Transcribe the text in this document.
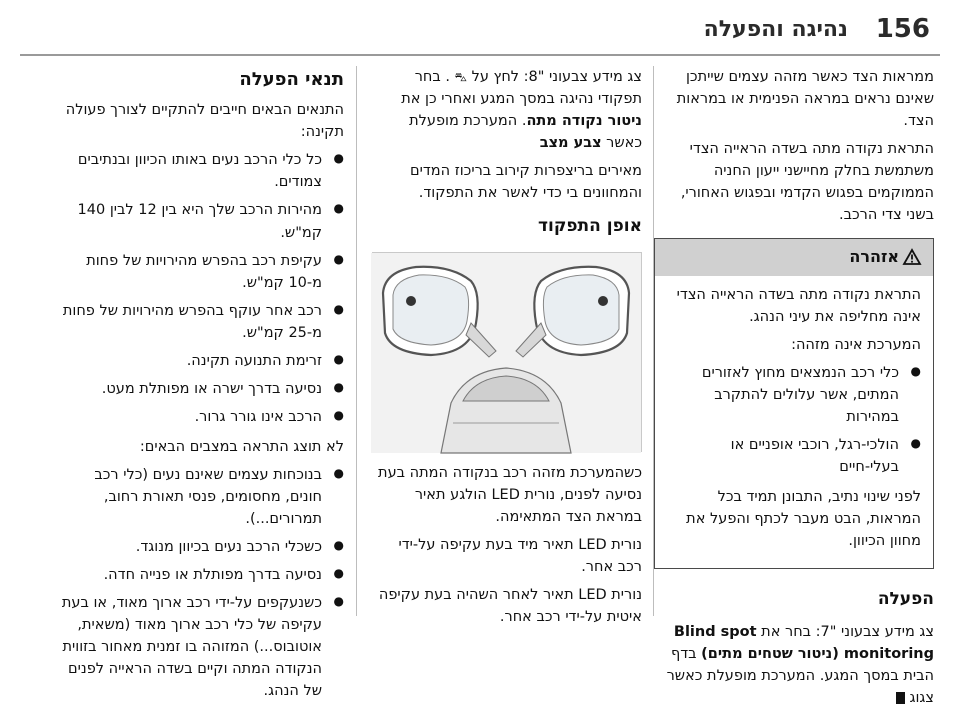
156
נהיגה והפעלה

ממראות הצד כאשר מזהה עצמים שייתכן שאינם נראים במראה הפנימית או במראות הצד.

התראת נקודה מתה בשדה הראייה הצדי משתמשת בחלק מחיישני ייעון החניה הממוקמים בפגוש הקדמי ובפגוש האחורי, בשני צדי הרכב.

אזהרה

התראת נקודה מתה בשדה הראייה הצדי אינה מחליפה את עיני הנהג.

המערכת אינה מזהה:

● כלי רכב הנמצאים מחוץ לאזורים המתים, אשר עלולים להתקרב במהירות
● הולכי-רגל, רוכבי אופניים או בעלי-חיים

לפני שינוי נתיב, התבונן תמיד בכל המראות, הבט מעבר לכתף והפעל את מחוון הכיוון.

הפעלה

צג מידע צבעוני "7: בחר את Blind spot monitoring (ניטור שטחים מתים) בדף הבית במסך המגע. המערכת מופעלת כאשר צגוג

צג מידע צבעוני "8: לחץ על ⛍ . בחר תפקודי נהיגה במסך המגע ואחרי כן את ניטור נקודה מתה. המערכת מופעלת כאשר צבע מצב

מאירים בריצפרות קירוב בריכוז המדים והמחוונים בי כדי לאשר את התפקוד.

אופן התפקוד

כשהמערכת מזהה רכב בנקודה המתה בעת נסיעה לפנים, נורית LED הולגע תאיר במראת הצד המתאימה.

נורית LED תאיר מיד בעת עקיפה על-ידי רכב אחר.

נורית LED תאיר לאחר השהיה בעת עקיפה איטית על-ידי רכב אחר.

תנאי הפעלה

התנאים הבאים חייבים להתקיים לצורך פעולה תקינה:

● כל כלי הרכב נעים באותו הכיוון ובנתיבים צמודים.
● מהירות הרכב שלך היא בין 12 לבין 140 קמ"ש.
● עקיפת רכב בהפרש מהירויות של פחות מ-10 קמ"ש.
● רכב אחר עוקף בהפרש מהירויות של פחות מ-25 קמ"ש.
● זרימת התנועה תקינה.
● נסיעה בדרך ישרה או מפותלת מעט.
● הרכב אינו גורר גרור.

לא תוצג התראה במצבים הבאים:

● בנוכחות עצמים שאינם נעים (כלי רכב חונים, מחסומים, פנסי תאורת רחוב, תמרורים...).
● כשכלי הרכב נעים בכיוון מנוגד.
● נסיעה בדרך מפותלת או פנייה חדה.
● כשנעקפים על-ידי רכב ארוך מאוד, או בעת עקיפה של כלי רכב ארוך מאוד (משאית, אוטובוס...) המזוהה בו זמנית מאחור בזווית הנקודה המתה וקיים בשדה הראייה לפנים של הנהג.
